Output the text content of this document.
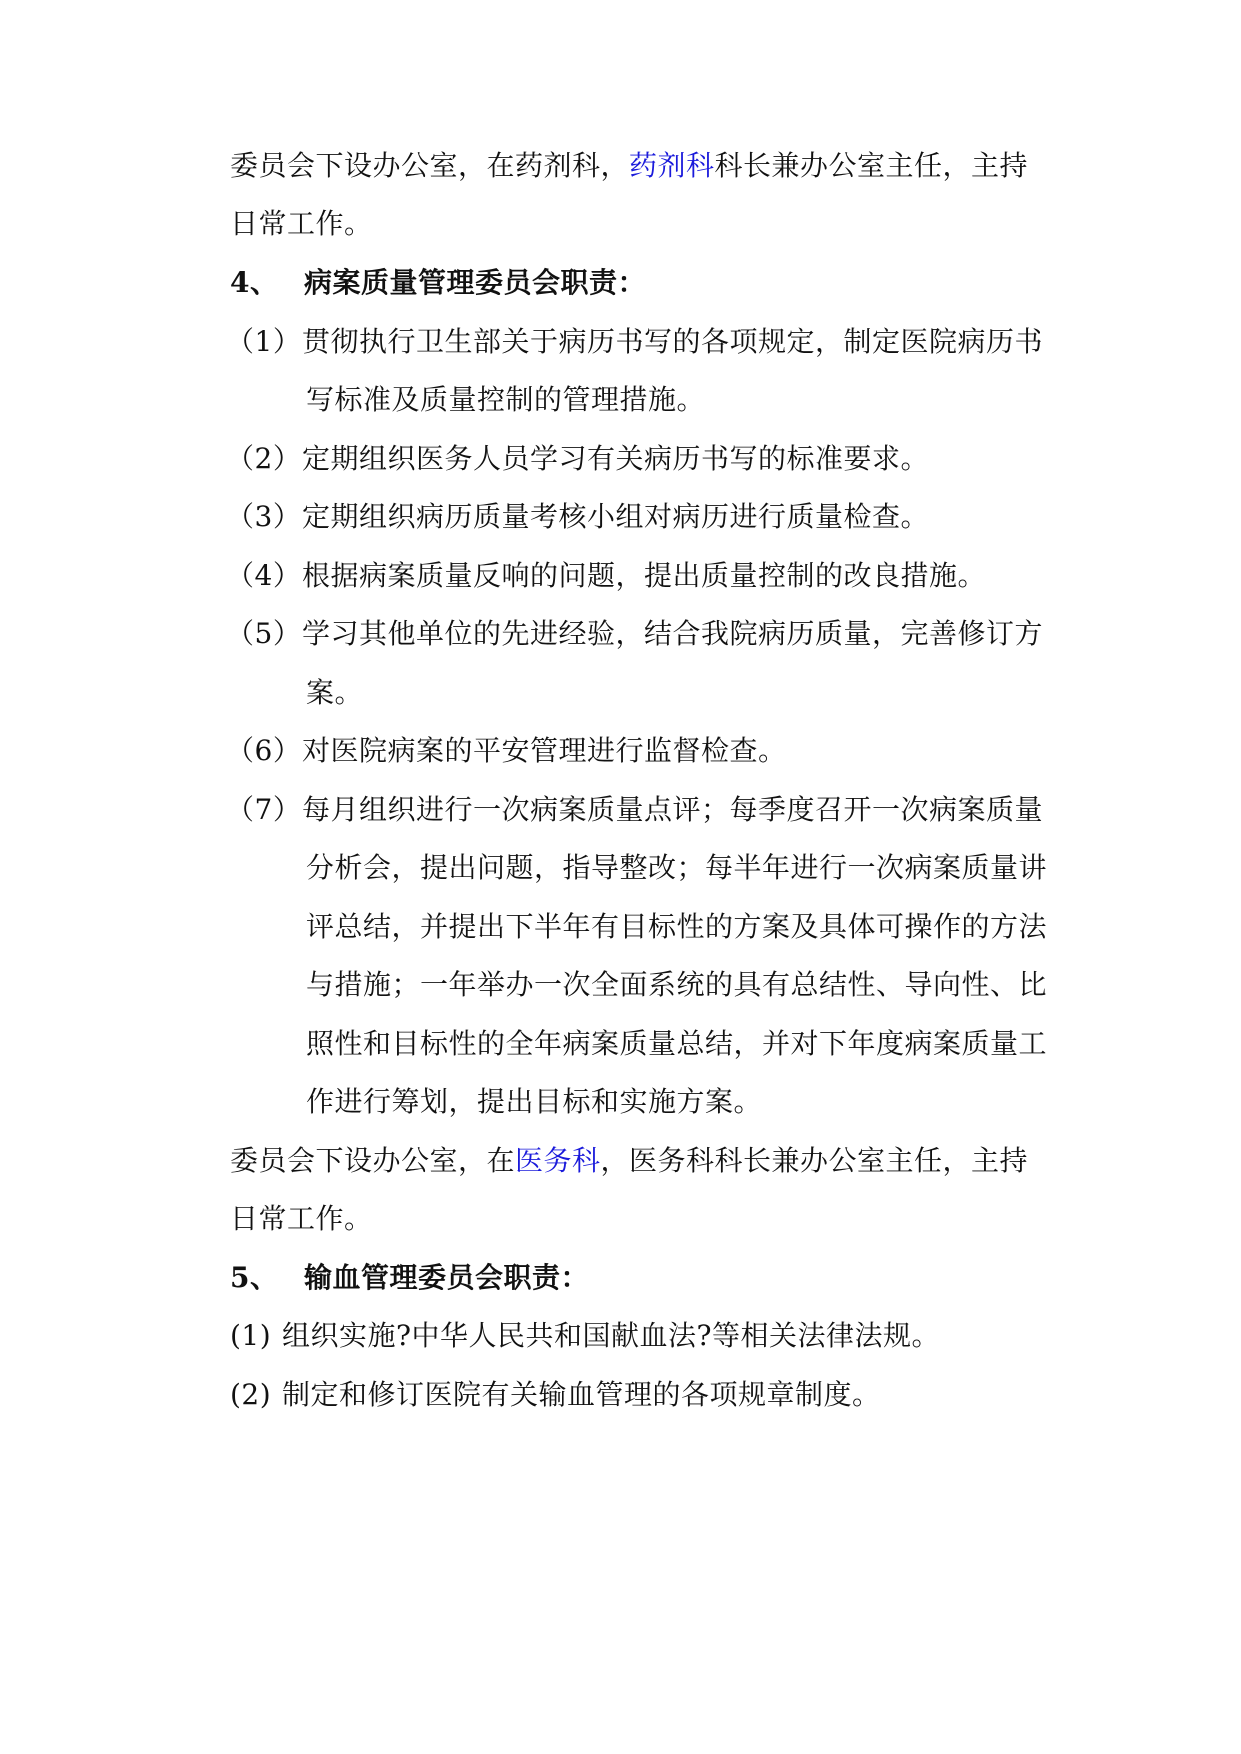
委员会下设办公室，在药剂科，药剂科科长兼办公室主任，主持
日常工作。
4、 病案质量管理委员会职责：
（1）贯彻执行卫生部关于病历书写的各项规定，制定医院病历书
写标准及质量控制的管理措施。
（2）定期组织医务人员学习有关病历书写的标准要求。
（3）定期组织病历质量考核小组对病历进行质量检查。
（4）根据病案质量反响的问题，提出质量控制的改良措施。
（5）学习其他单位的先进经验，结合我院病历质量，完善修订方
案。
（6）对医院病案的平安管理进行监督检查。
（7）每月组织进行一次病案质量点评；每季度召开一次病案质量
分析会，提出问题，指导整改；每半年进行一次病案质量讲
评总结，并提出下半年有目标性的方案及具体可操作的方法
与措施；一年举办一次全面系统的具有总结性、导向性、比
照性和目标性的全年病案质量总结，并对下年度病案质量工
作进行筹划，提出目标和实施方案。
委员会下设办公室，在医务科，医务科科长兼办公室主任，主持
日常工作。
5、 输血管理委员会职责：
(1) 组织实施?中华人民共和国献血法?等相关法律法规。
(2) 制定和修订医院有关输血管理的各项规章制度。
